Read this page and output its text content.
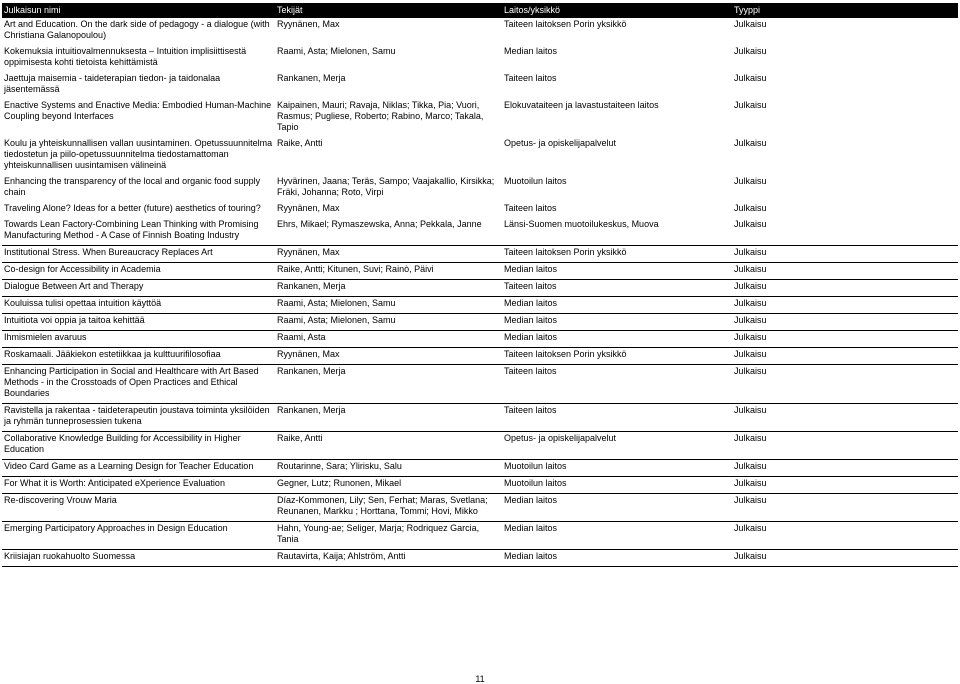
Julkaisun nimi	Tekijät	Laitos/yksikkö	Tyyppi
Art and Education. On the dark side of pedagogy - a dialogue (with Christiana Galanopoulou)	Ryynänen, Max	Taiteen laitoksen Porin yksikkö	Julkaisu
Kokemuksia intuitiovalmennuksesta – Intuition implisiittisestä oppimisesta kohti tietoista kehittämistä	Raami, Asta; Mielonen, Samu	Median laitos	Julkaisu
Jaettuja maisemia - taideterapian tiedon- ja taidonalaa jäsentemässä	Rankanen, Merja	Taiteen laitos	Julkaisu
Enactive Systems and Enactive Media: Embodied Human-Machine Coupling beyond Interfaces	Kaipainen, Mauri; Ravaja, Niklas; Tikka, Pia; Vuori, Rasmus; Pugliese, Roberto; Rabino, Marco; Takala, Tapio	Elokuvataiteen ja lavastustaiteen laitos	Julkaisu
Koulu ja yhteiskunnallisen vallan uusintaminen. Opetussuunnitelma tiedostetun ja piilo-opetussuunnitelma tiedostamattoman yhteiskunnallisen uusintamisen välineinä	Raike, Antti	Opetus- ja opiskelijapalvelut	Julkaisu
Enhancing the transparency of the local and organic food supply chain	Hyvärinen, Jaana; Teräs, Sampo; Vaajakallio, Kirsikka; Fräki, Johanna; Roto, Virpi	Muotoilun laitos	Julkaisu
Traveling Alone? Ideas for a better (future) aesthetics of touring?	Ryynänen, Max	Taiteen laitos	Julkaisu
Towards Lean Factory-Combining Lean Thinking with Promising Manufacturing Method - A Case of Finnish Boating Industry	Ehrs, Mikael; Rymaszewska, Anna; Pekkala, Janne	Länsi-Suomen muotoilukeskus, Muova	Julkaisu
Institutional Stress. When Bureaucracy Replaces Art	Ryynänen, Max	Taiteen laitoksen Porin yksikkö	Julkaisu
Co-design for Accessibility in Academia	Raike, Antti; Kitunen, Suvi; Rainò, Päivi	Median laitos	Julkaisu
Dialogue Between Art and Therapy	Rankanen, Merja	Taiteen laitos	Julkaisu
Kouluissa tulisi opettaa intuition käyttöä	Raami, Asta; Mielonen, Samu	Median laitos	Julkaisu
Intuitiota voi oppia ja taitoa kehittää	Raami, Asta; Mielonen, Samu	Median laitos	Julkaisu
Ihmismielen avaruus	Raami, Asta	Median laitos	Julkaisu
Roskamaali. Jääkiekon estetiikkaa ja kulttuurifilosofiaa	Ryynänen, Max	Taiteen laitoksen Porin yksikkö	Julkaisu
Enhancing Participation in Social and Healthcare with Art Based Methods - in the Crosstoads of Open Practices and Ethical Boundaries	Rankanen, Merja	Taiteen laitos	Julkaisu
Ravistella ja rakentaa - taideterapeutin joustava toiminta yksilöiden ja ryhmän tunneprosessien tukena	Rankanen, Merja	Taiteen laitos	Julkaisu
Collaborative Knowledge Building for Accessibility in Higher Education	Raike, Antti	Opetus- ja opiskelijapalvelut	Julkaisu
Video Card Game as a Learning Design for Teacher Education	Routarinne, Sara; Ylirisku, Salu	Muotoilun laitos	Julkaisu
For What it is Worth: Anticipated eXperience Evaluation	Gegner, Lutz; Runonen, Mikael	Muotoilun laitos	Julkaisu
Re-discovering Vrouw Maria	Díaz-Kommonen, Lily; Sen, Ferhat; Maras, Svetlana; Reunanen, Markku ; Horttana, Tommi; Hovi, Mikko	Median laitos	Julkaisu
Emerging Participatory Approaches in Design Education	Hahn, Young-ae; Seliger, Marja; Rodriquez Garcia, Tania	Median laitos	Julkaisu
Kriisiajan ruokahuolto Suomessa	Rautavirta, Kaija; Ahlström, Antti	Median laitos	Julkaisu
11
